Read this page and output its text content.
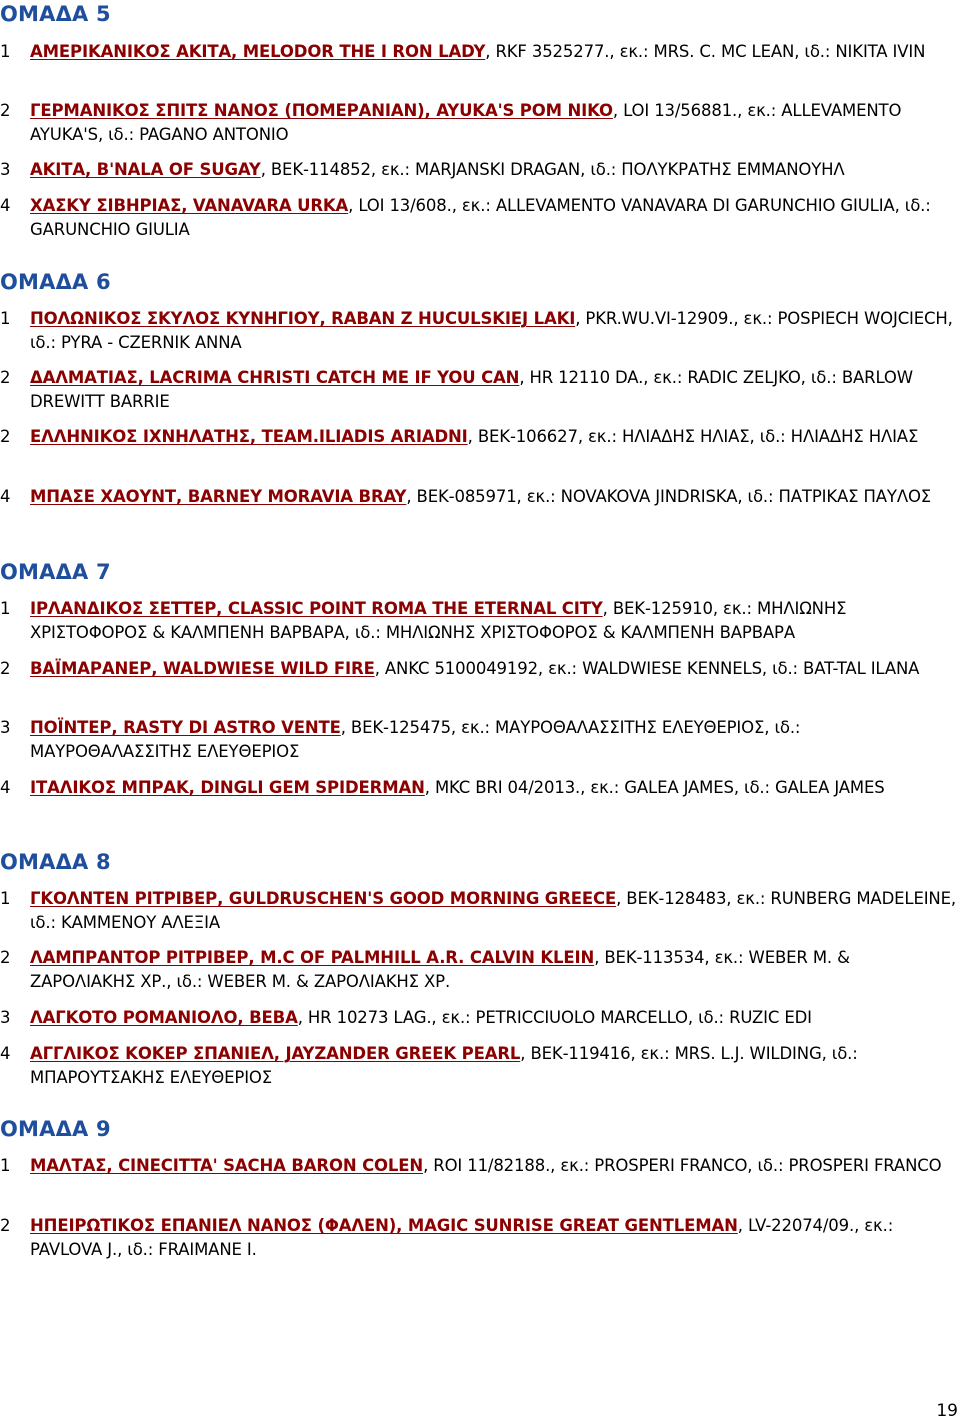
ΟΜΑΔΑ 5
1	ΑΜΕΡΙΚΑΝΙΚΟΣ ΑΚΙΤΑ, MELODOR THE I RON LADY, RKF 3525277., εκ.: MRS. C. MC LEAN, ιδ.: NIKITA IVIN
2	ΓΕΡΜΑΝΙΚΟΣ ΣΠΙΤΣ ΝΑΝΟΣ (ΠΟΜΕΡΑΝΙΑΝ), AYUKA'S POM NIKO, LOI 13/56881., εκ.: ALLEVAMENTO AYUKA'S, ιδ.: PAGANO ANTONIO
3	ΑΚΙΤΑ, B'NALA OF SUGAY, ΒΕΚ-114852, εκ.: MARJANSKI DRAGAN, ιδ.: ΠΟΛΥΚΡΑΤΗΣ ΕΜΜΑΝΟΥΗΛ
4	ΧΑΣΚΥ ΣΙΒΗΡΙΑΣ, VANAVARA URKA, LOI 13/608., εκ.: ALLEVAMENTO VANAVARA DI GARUNCHIO GIULIA, ιδ.: GARUNCHIO GIULIA
ΟΜΑΔΑ 6
1	ΠΟΛΩΝΙΚΟΣ ΣΚΥΛΟΣ ΚΥΝΗΓΙΟΥ, RABAN Z HUCULSKIEJ LAKI, PKR.WU.VI-12909., εκ.: POSPIECH WOJCIECH, ιδ.: PYRA - CZERNIK ANNA
2	ΔΑΛΜΑΤΙΑΣ, LACRIMA CHRISTI CATCH ME IF YOU CAN, HR 12110 DA., εκ.: RADIC ZELJKO, ιδ.: BARLOW DREWITT BARRIE
2	ΕΛΛΗΝΙΚΟΣ ΙΧΝΗΛΑΤΗΣ, TEAM.ILIADIS ARIADNI, ΒΕΚ-106627, εκ.: ΗΛΙΑΔΗΣ ΗΛΙΑΣ, ιδ.: ΗΛΙΑΔΗΣ ΗΛΙΑΣ
4	ΜΠΑΣΕ ΧΑΟΥΝΤ, BARNEY MORAVIA BRAY, ΒΕΚ-085971, εκ.: NOVAKOVA JINDRISKA, ιδ.: ΠΑΤΡΙΚΑΣ ΠΑΥΛΟΣ
ΟΜΑΔΑ 7
1	ΙΡΛΑΝΔΙΚΟΣ ΣΕΤΤΕΡ, CLASSIC POINT ROMA THE ETERNAL CITY, ΒΕΚ-125910, εκ.: ΜΗΛΙΩΝΗΣ ΧΡΙΣΤΟΦΟΡΟΣ & ΚΑΛΜΠΕΝΗ ΒΑΡΒΑΡΑ, ιδ.: ΜΗΛΙΩΝΗΣ ΧΡΙΣΤΟΦΟΡΟΣ & ΚΑΛΜΠΕΝΗ ΒΑΡΒΑΡΑ
2	ΒΑΪΜΑΡΑΝΕΡ, WALDWIESE WILD FIRE, ANKC 5100049192, εκ.: WALDWIESE KENNELS, ιδ.: BAT-TAL ILANA
3	ΠΟΪΝΤΕΡ, RASTY DI ASTRO VENTE, ΒΕΚ-125475, εκ.: ΜΑΥΡΟΘΑΛΑΣΣΙΤΗΣ ΕΛΕΥΘΕΡΙΟΣ, ιδ.: ΜΑΥΡΟΘΑΛΑΣΣΙΤΗΣ ΕΛΕΥΘΕΡΙΟΣ
4	ΙΤΑΛΙΚΟΣ ΜΠΡΑΚ, DINGLI GEM SPIDERMAN, MKC BRI 04/2013., εκ.: GALEA JAMES, ιδ.: GALEA JAMES
ΟΜΑΔΑ 8
1	ΓΚΟΛΝΤΕΝ ΡΙΤΡΙΒΕΡ, GULDRUSCHEN'S GOOD MORNING GREECE, ΒΕΚ-128483, εκ.: RUNBERG MADELEINE, ιδ.: ΚΑΜΜΕΝΟΥ ΑΛΕΞΙΑ
2	ΛΑΜΠΡΑΝΤΟΡ ΡΙΤΡΙΒΕΡ, M.C OF PALMHILL A.R. CALVIN KLEIN, ΒΕΚ-113534, εκ.: WEBER M. & ΖΑΡΟΛΙΑΚΗΣ ΧΡ., ιδ.: WEBER M. & ΖΑΡΟΛΙΑΚΗΣ ΧΡ.
3	ΛΑΓΚΟΤΟ ΡΟΜΑΝΙΟΛΟ, BEBA, HR 10273 LAG., εκ.: PETRICCIUOLO MARCELLO, ιδ.: RUZIC EDI
4	ΑΓΓΛΙΚΟΣ ΚΟΚΕΡ ΣΠΑΝΙΕΛ, JAYZANDER GREEK PEARL, ΒΕΚ-119416, εκ.: MRS. L.J. WILDING, ιδ.: ΜΠΑΡΟΥΤΣΑΚΗΣ ΕΛΕΥΘΕΡΙΟΣ
ΟΜΑΔΑ 9
1	ΜΑΛΤΑΣ, CINECITTA' SACHA BARON COLEN, ROI 11/82188., εκ.: PROSPERI FRANCO, ιδ.: PROSPERI FRANCO
2	ΗΠΕΙΡΩΤΙΚΟΣ ΕΠΑΝΙΕΛ ΝΑΝΟΣ (ΦΑΛΕΝ), MAGIC SUNRISE GREAT GENTLEMAN, LV-22074/09., εκ.: PAVLOVA J., ιδ.: FRAIMANE I.
19
